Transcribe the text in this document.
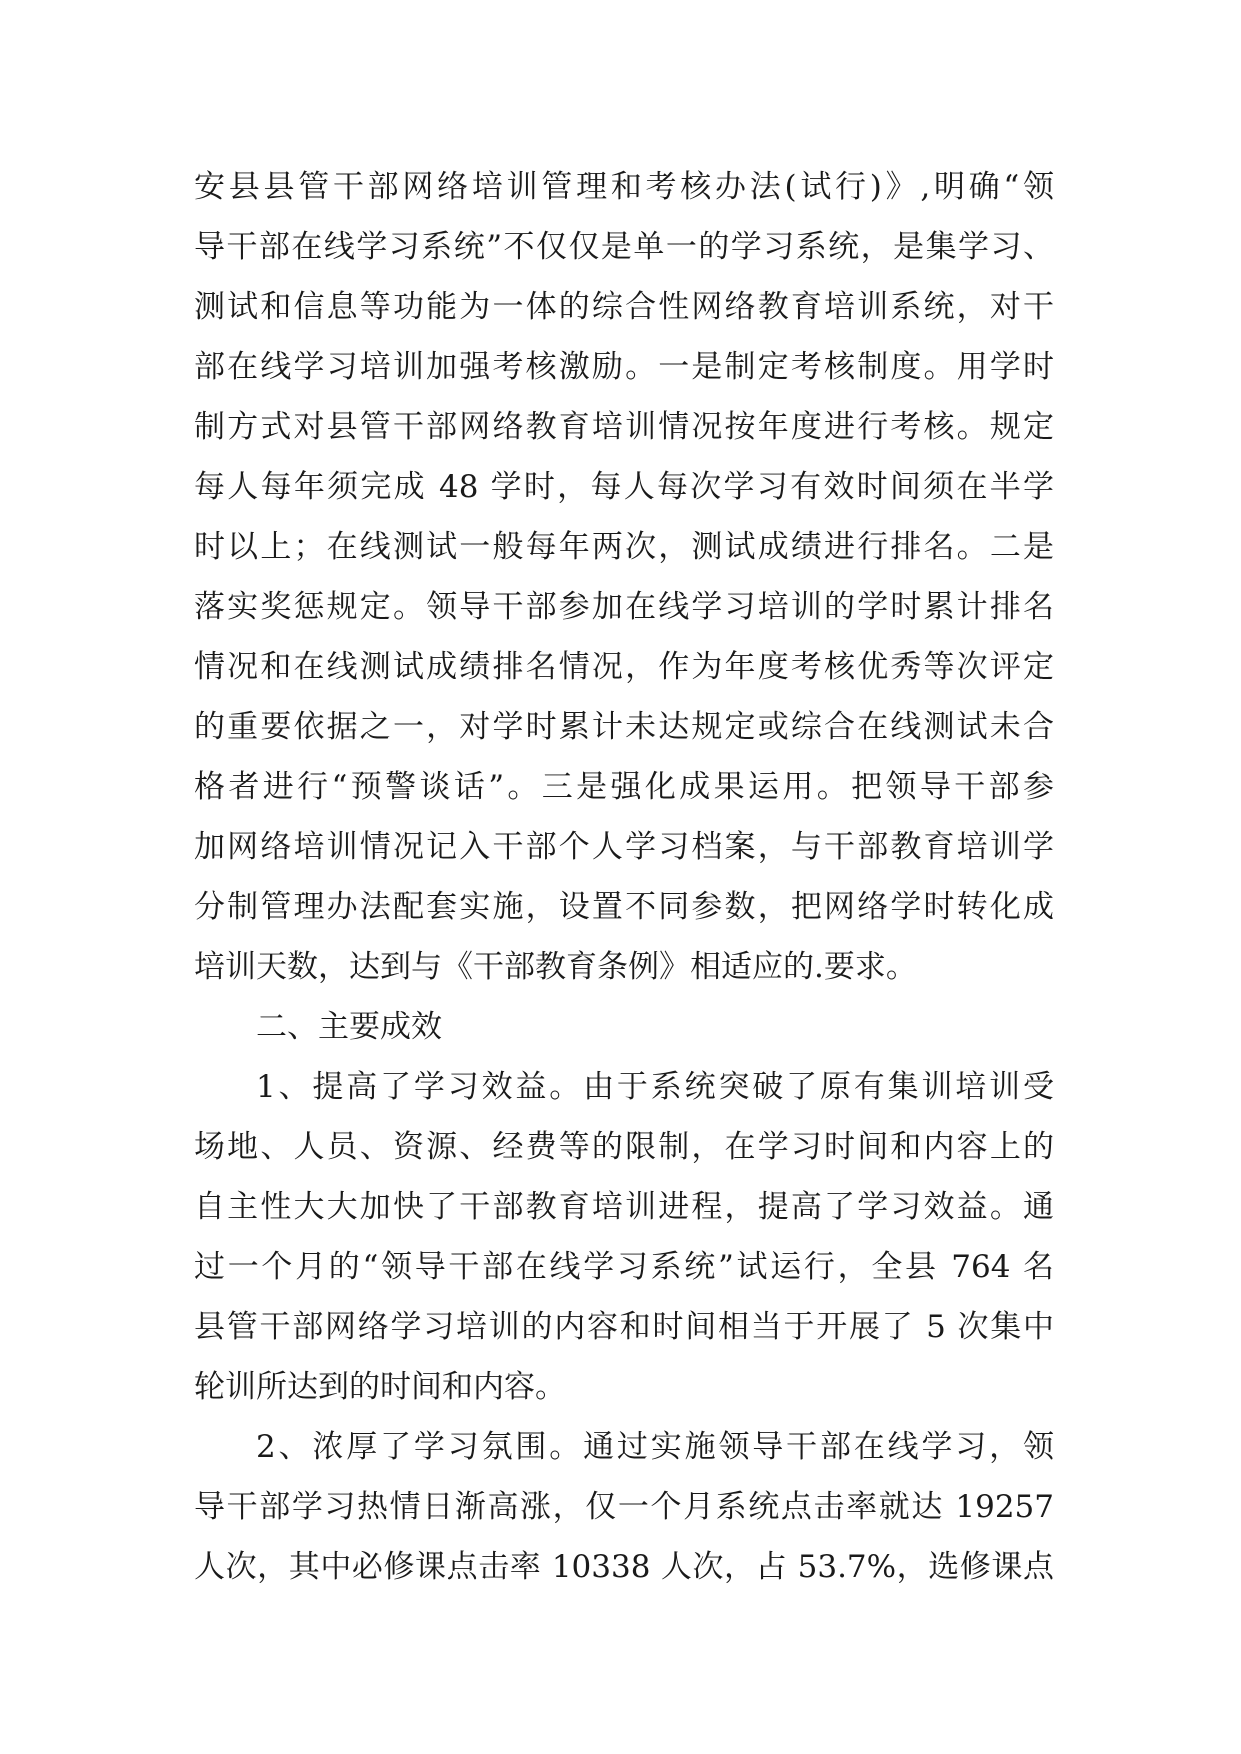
安县县管干部网络培训管理和考核办法(试行)》,明确“领
导干部在线学习系统”不仅仅是单一的学习系统，是集学习、
测试和信息等功能为一体的综合性网络教育培训系统，对干
部在线学习培训加强考核激励。一是制定考核制度。用学时
制方式对县管干部网络教育培训情况按年度进行考核。规定
每人每年须完成 48 学时，每人每次学习有效时间须在半学
时以上；在线测试一般每年两次，测试成绩进行排名。二是
落实奖惩规定。领导干部参加在线学习培训的学时累计排名
情况和在线测试成绩排名情况，作为年度考核优秀等次评定
的重要依据之一，对学时累计未达规定或综合在线测试未合
格者进行“预警谈话”。三是强化成果运用。把领导干部参
加网络培训情况记入干部个人学习档案，与干部教育培训学
分制管理办法配套实施，设置不同参数，把网络学时转化成
培训天数，达到与《干部教育条例》相适应的.要求。
二、主要成效
1、提高了学习效益。由于系统突破了原有集训培训受
场地、人员、资源、经费等的限制，在学习时间和内容上的
自主性大大加快了干部教育培训进程，提高了学习效益。通
过一个月的“领导干部在线学习系统”试运行，全县 764 名
县管干部网络学习培训的内容和时间相当于开展了 5 次集中
轮训所达到的时间和内容。
2、浓厚了学习氛围。通过实施领导干部在线学习，领
导干部学习热情日渐高涨，仅一个月系统点击率就达 19257
人次，其中必修课点击率 10338 人次，占 53.7%，选修课点
